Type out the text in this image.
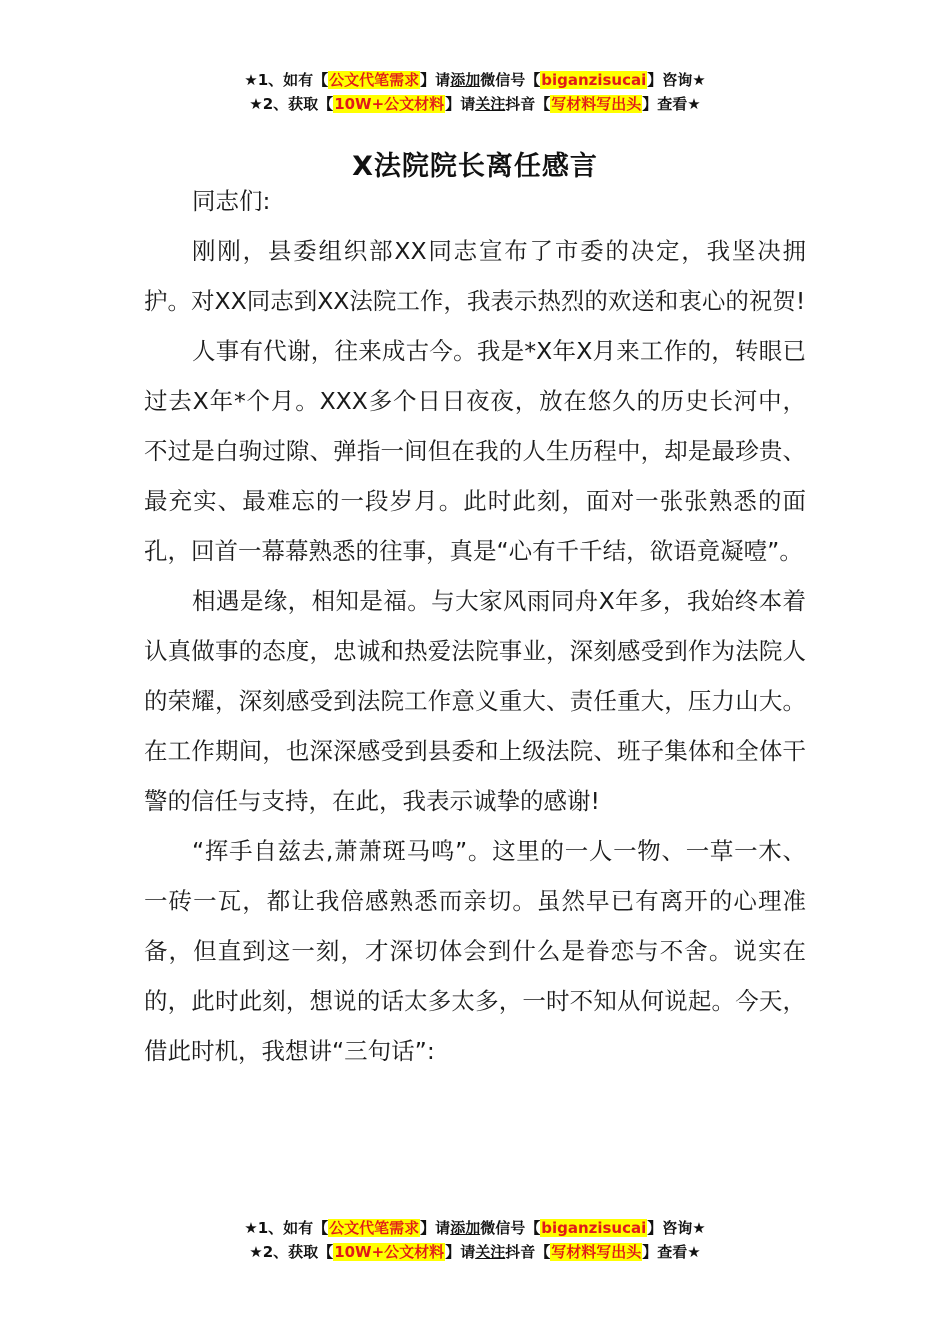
★1、如有【公文代笔需求】请添加微信号【biganzisucai】咨询★
★2、获取【10W+公文材料】请关注抖音【写材料写出头】查看★
X法院院长离任感言

同志们:

刚刚，县委组织部XX同志宣布了市委的决定，我坚决拥护。对XX同志到XX法院工作，我表示热烈的欢送和衷心的祝贺!

人事有代谢，往来成古今。我是*X年X月来工作的，转眼已过去X年*个月。XXX多个日日夜夜，放在悠久的历史长河中，不过是白驹过隙、弹指一间但在我的人生历程中，却是最珍贵、最充实、最难忘的一段岁月。此时此刻，面对一张张熟悉的面孔，回首一幕幕熟悉的往事，真是“心有千千结，欲语竟凝噎”。

相遇是缘，相知是福。与大家风雨同舟X年多，我始终本着认真做事的态度，忠诚和热爱法院事业，深刻感受到作为法院人的荣耀，深刻感受到法院工作意义重大、责任重大，压力山大。在工作期间，也深深感受到县委和上级法院、班子集体和全体干警的信任与支持，在此，我表示诚挚的感谢!

“挥手自兹去,萧萧斑马鸣”。这里的一人一物、一草一木、一砖一瓦，都让我倍感熟悉而亲切。虽然早已有离开的心理准备，但直到这一刻，才深切体会到什么是眷恋与不舍。说实在的，此时此刻，想说的话太多太多，一时不知从何说起。今天，借此时机，我想讲“三句话”:

★1、如有【公文代笔需求】请添加微信号【biganzisucai】咨询★
★2、获取【10W+公文材料】请关注抖音【写材料写出头】查看★
